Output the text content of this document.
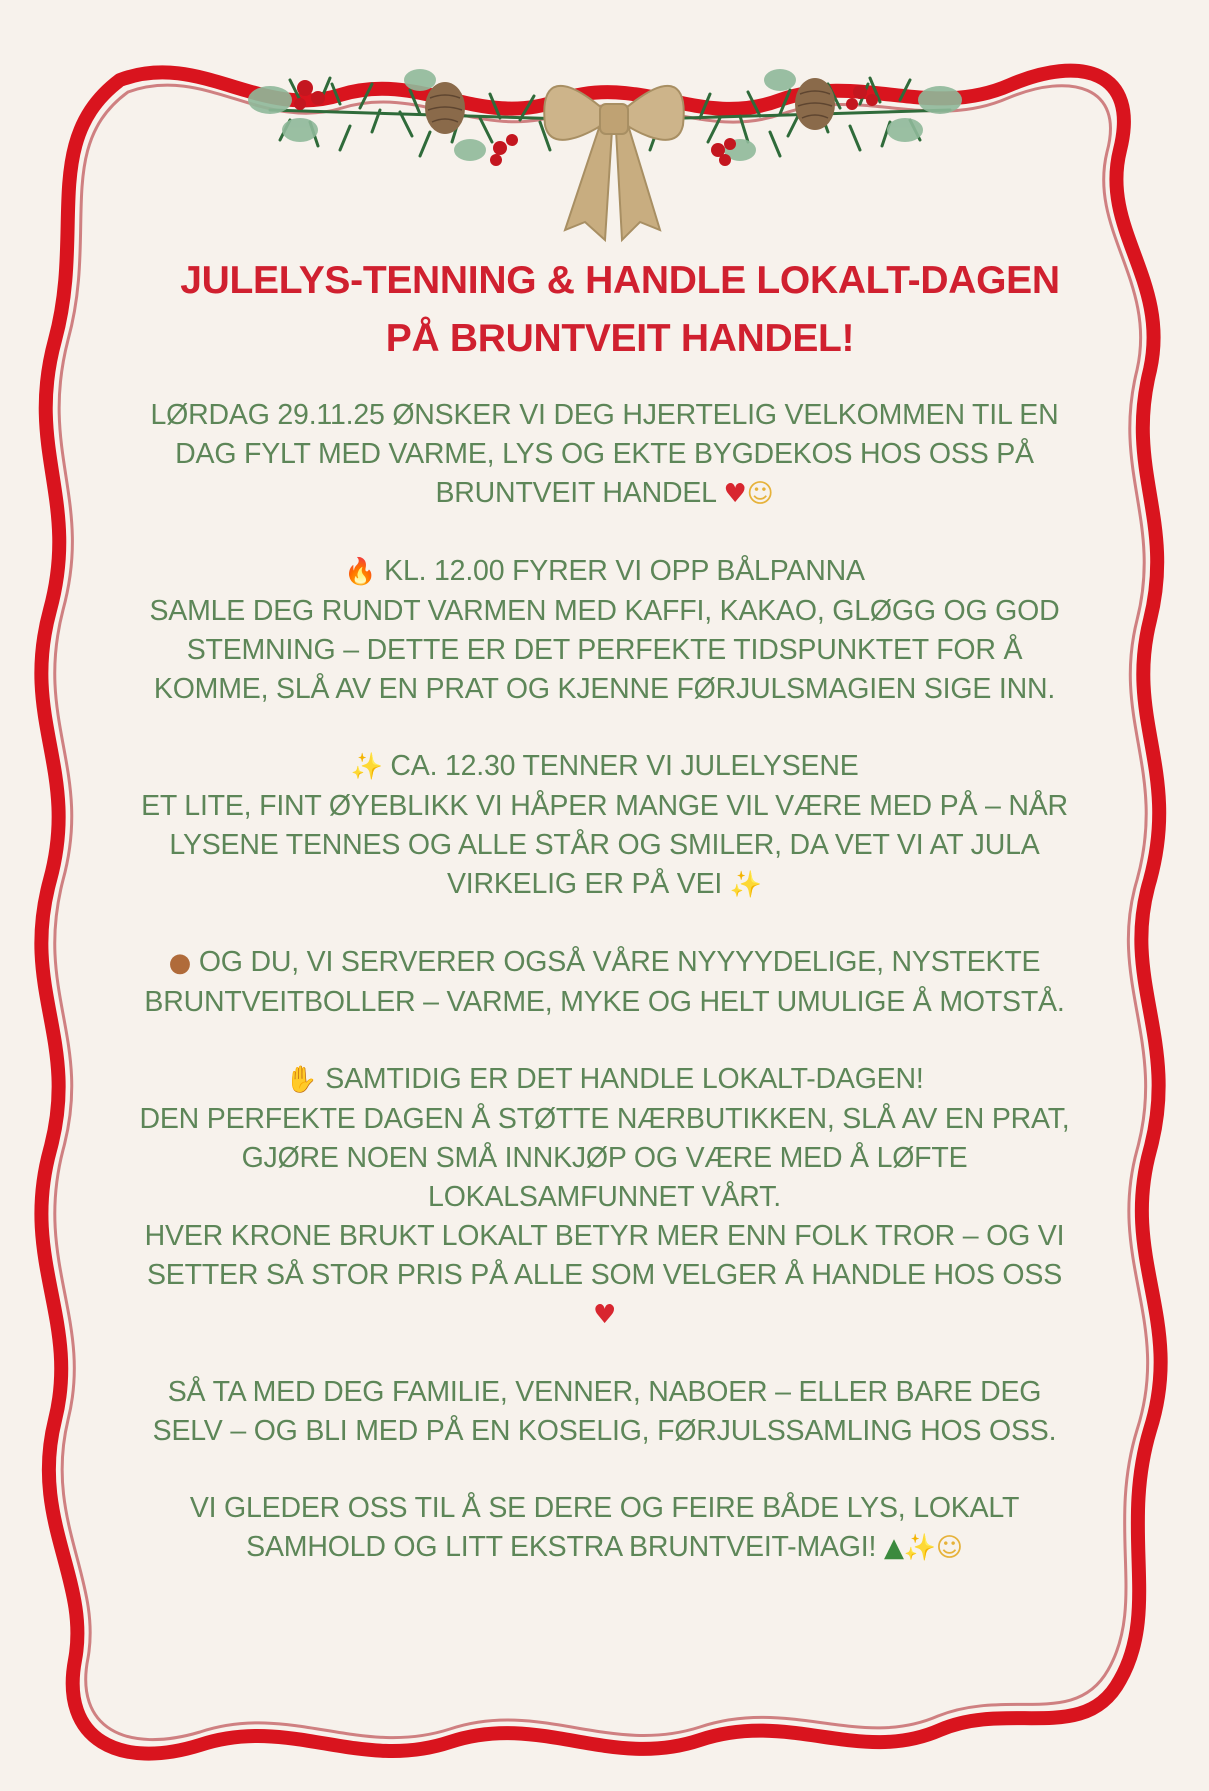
JULELYS-TENNING & HANDLE LOKALT-DAGEN
PÅ BRUNTVEIT HANDEL!
LØRDAG 29.11.25 ØNSKER VI DEG HJERTELIG VELKOMMEN TIL EN
DAG FYLT MED VARME, LYS OG EKTE BYGDEKOS HOS OSS PÅ
BRUNTVEIT HANDEL ♥☺
🔥 KL. 12.00 FYRER VI OPP BÅLPANNA
SAMLE DEG RUNDT VARMEN MED KAFFI, KAKAO, GLØGG OG GOD
STEMNING – DETTE ER DET PERFEKTE TIDSPUNKTET FOR Å
KOMME, SLÅ AV EN PRAT OG KJENNE FØRJULSMAGIEN SIGE INN.
✨ CA. 12.30 TENNER VI JULELYSENE
ET LITE, FINT ØYEBLIKK VI HÅPER MANGE VIL VÆRE MED PÅ – NÅR
LYSENE TENNES OG ALLE STÅR OG SMILER, DA VET VI AT JULA
VIRKELIG ER PÅ VEI ✨
● OG DU, VI SERVERER OGSÅ VÅRE NYYYYDELIGE, NYSTEKTE
BRUNTVEITBOLLER – VARME, MYKE OG HELT UMULIGE Å MOTSTÅ.
✋ SAMTIDIG ER DET HANDLE LOKALT-DAGEN!
DEN PERFEKTE DAGEN Å STØTTE NÆRBUTIKKEN, SLÅ AV EN PRAT,
GJØRE NOEN SMÅ INNKJØP OG VÆRE MED Å LØFTE
LOKALSAMFUNNET VÅRT.
HVER KRONE BRUKT LOKALT BETYR MER ENN FOLK TROR – OG VI
SETTER SÅ STOR PRIS PÅ ALLE SOM VELGER Å HANDLE HOS OSS
♥
SÅ TA MED DEG FAMILIE, VENNER, NABOER – ELLER BARE DEG
SELV – OG BLI MED PÅ EN KOSELIG, FØRJULSSAMLING HOS OSS.
VI GLEDER OSS TIL Å SE DERE OG FEIRE BÅDE LYS, LOKALT
SAMHOLD OG LITT EKSTRA BRUNTVEIT-MAGI! ▲✨☺
